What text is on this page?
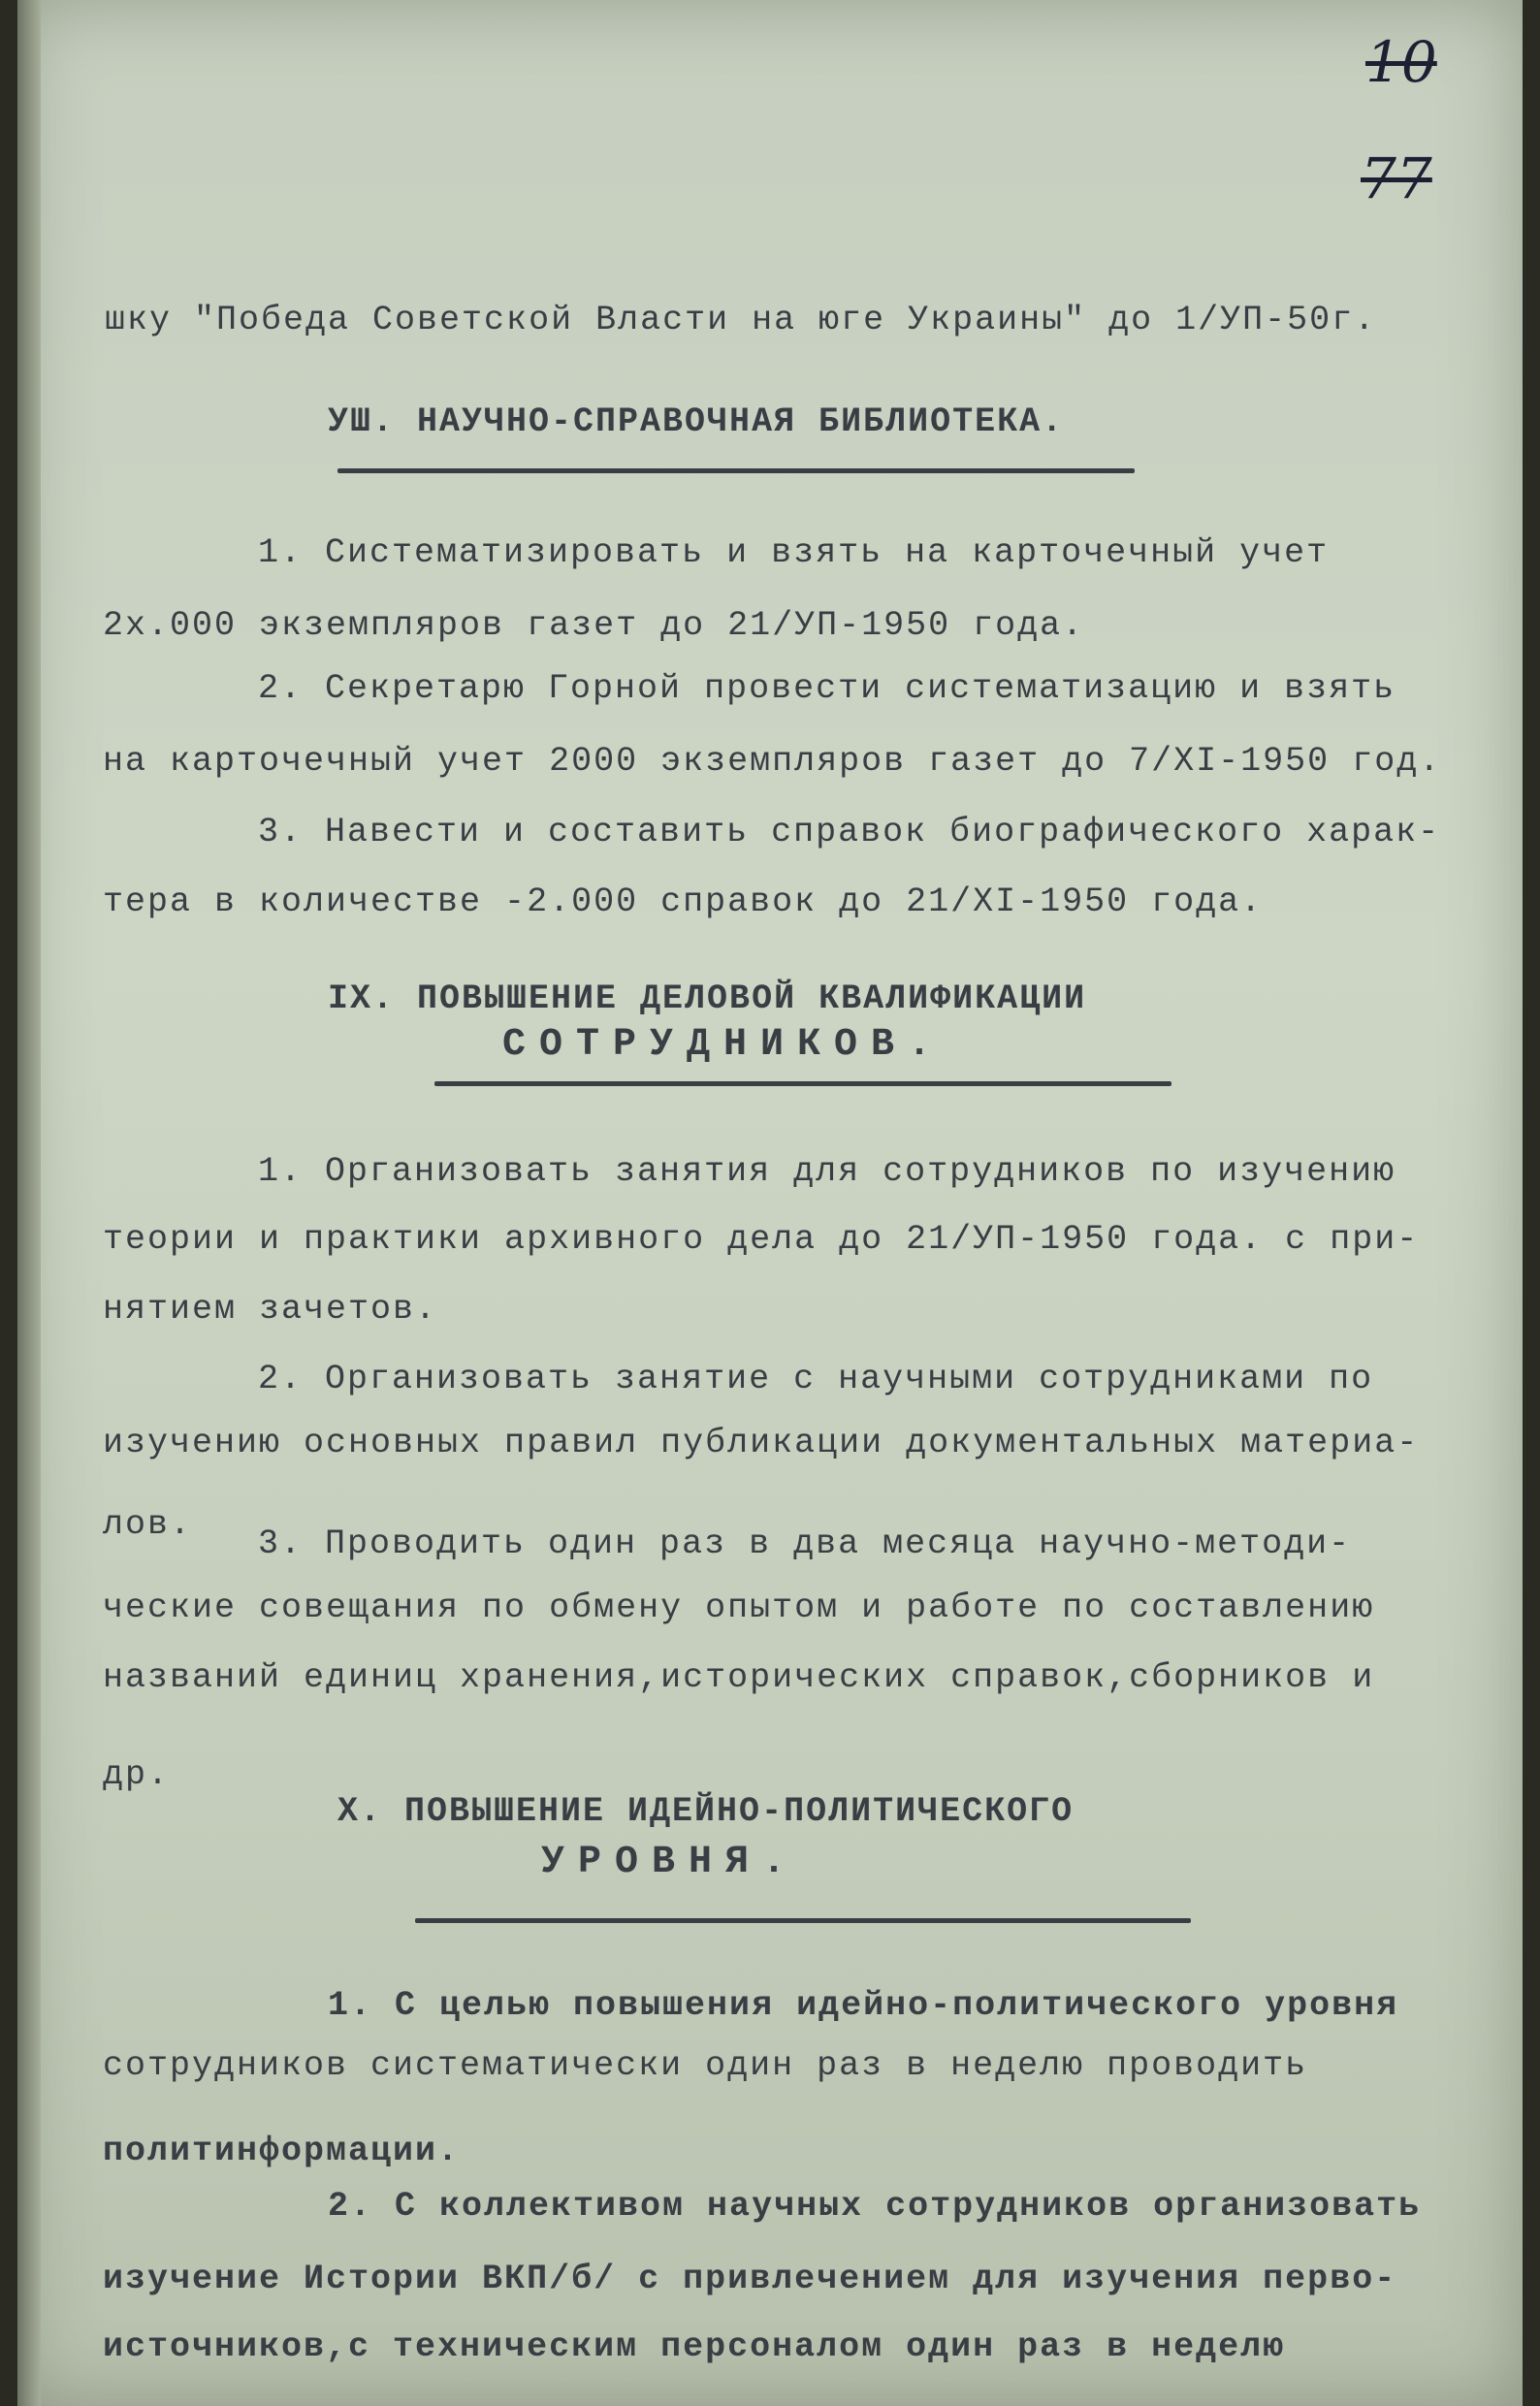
10
77
шку "Победа Советской Власти на юге Украины" до 1/УП-50г.
УШ. НАУЧНО-СПРАВОЧНАЯ БИБЛИОТЕКА.
1. Систематизировать и взять на карточечный учет
2х.000 экземпляров газет до 21/УП-1950 года.
2. Секретарю Горной провести систематизацию и взять
на карточечный учет 2000 экземпляров газет до 7/XI-1950 год.
3. Навести и составить справок биографического харак-
тера в количестве -2.000 справок до 21/XI-1950 года.
IX. ПОВЫШЕНИЕ ДЕЛОВОЙ КВАЛИФИКАЦИИ
СОТРУДНИКОВ.
1. Организовать занятия для сотрудников по изучению
теории и практики архивного дела до 21/УП-1950 года. с при-
нятием зачетов.
2. Организовать занятие с научными сотрудниками по
изучению основных правил публикации документальных материа-
лов. 3. Проводить один раз в два месяца научно-методи-
ческие совещания по обмену опытом и работе по составлению
названий единиц хранения,исторических справок,сборников и
др.
Х. ПОВЫШЕНИЕ ИДЕЙНО-ПОЛИТИЧЕСКОГО
УРОВНЯ.
1. С целью повышения идейно-политического уровня
сотрудников систематически один раз в неделю проводить
политинформации.
2. С коллективом научных сотрудников организовать
изучение Истории ВКП/б/ с привлечением для изучения перво-
источников,с техническим персоналом один раз в неделю
